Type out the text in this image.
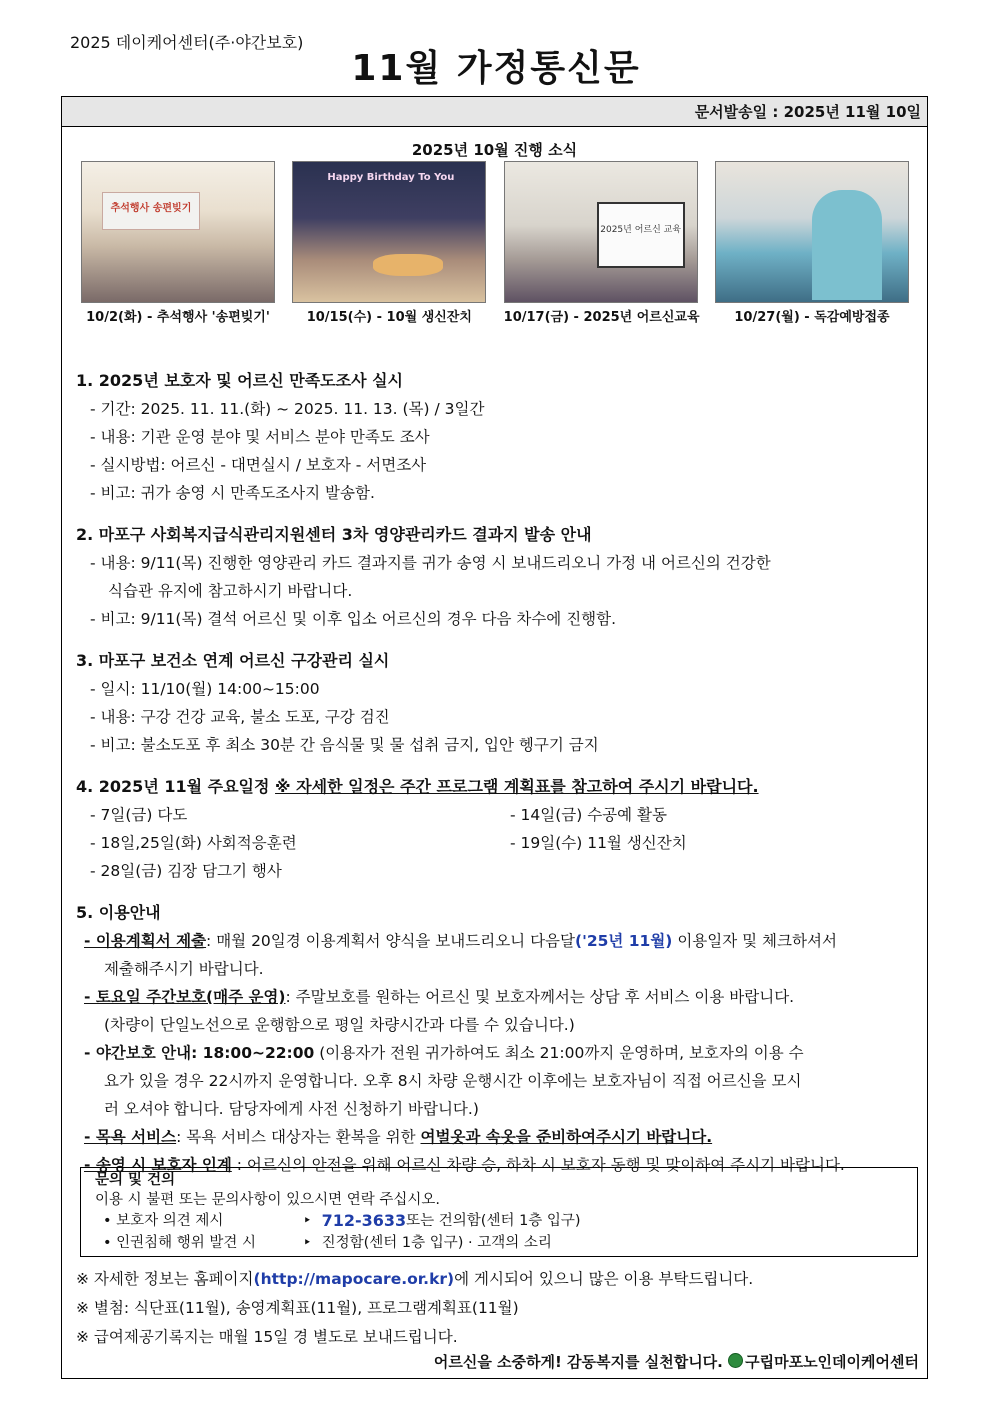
2025 데이케어센터(주·야간보호)
11월 가정통신문
문서발송일 : 2025년 11월 10일
2025년 10월 진행 소식
추석행사 송편빚기
10/2(화) - 추석행사 '송편빚기'
Happy Birthday To You
10/15(수) - 10월 생신잔치
2025년 어르신 교육
10/17(금) - 2025년 어르신교육	10/27(월) - 독감예방접종
1. 2025년 보호자 및 어르신 만족도조사 실시
- 기간: 2025. 11. 11.(화) ~ 2025. 11. 13. (목) / 3일간
- 내용: 기관 운영 분야 및 서비스 분야 만족도 조사
- 실시방법: 어르신 - 대면실시 / 보호자 - 서면조사
- 비고: 귀가 송영 시 만족도조사지 발송함.
2. 마포구 사회복지급식관리지원센터 3차 영양관리카드 결과지 발송 안내
- 내용: 9/11(목) 진행한 영양관리 카드 결과지를 귀가 송영 시 보내드리오니 가정 내 어르신의 건강한
식습관 유지에 참고하시기 바랍니다.
- 비고: 9/11(목) 결석 어르신 및 이후 입소 어르신의 경우 다음 차수에 진행함.
3. 마포구 보건소 연계 어르신 구강관리 실시
- 일시: 11/10(월) 14:00~15:00
- 내용: 구강 건강 교육, 불소 도포, 구강 검진
- 비고: 불소도포 후 최소 30분 간 음식물 및 물 섭취 금지, 입안 헹구기 금지
4. 2025년 11월 주요일정 ※ 자세한 일정은 주간 프로그램 계획표를 참고하여 주시기 바랍니다.
- 7일(금) 다도
- 18일,25일(화) 사회적응훈련
- 28일(금) 김장 담그기 행사
- 14일(금) 수공예 활동
- 19일(수) 11월 생신잔치
5. 이용안내
- 이용계획서 제출: 매월 20일경 이용계획서 양식을 보내드리오니 다음달('25년 11월) 이용일자 및 체크하셔서
제출해주시기 바랍니다.
- 토요일 주간보호(매주 운영): 주말보호를 원하는 어르신 및 보호자께서는 상담 후 서비스 이용 바랍니다.
(차량이 단일노선으로 운행함으로 평일 차량시간과 다를 수 있습니다.)
- 야간보호 안내: 18:00~22:00 (이용자가 전원 귀가하여도 최소 21:00까지 운영하며, 보호자의 이용 수
요가 있을 경우 22시까지 운영합니다. 오후 8시 차량 운행시간 이후에는 보호자님이 직접 어르신을 모시
러 오셔야 합니다. 담당자에게 사전 신청하기 바랍니다.)
- 목욕 서비스: 목욕 서비스 대상자는 환복을 위한 여벌옷과 속옷을 준비하여주시기 바랍니다.
- 송영 시 보호자 인계 : 어르신의 안전을 위해 어르신 차량 승, 하차 시 보호자 동행 및 맞이하여 주시기 바랍니다.
문의 및 건의
이용 시 불편 또는 문의사항이 있으시면 연락 주십시오.
• 보호자 의견 제시	‣ 712-3633 또는 건의함(센터 1층 입구)
• 인권침해 행위 발견 시	‣ 진정함(센터 1층 입구) · 고객의 소리
※ 자세한 정보는 홈페이지(http://mapocare.or.kr)에 게시되어 있으니 많은 이용 부탁드립니다.
※ 별첨: 식단표(11월), 송영계획표(11월), 프로그램계획표(11월)
※ 급여제공기록지는 매월 15일 경 별도로 보내드립니다.
어르신을 소중하게! 감동복지를 실천합니다. 구립마포노인데이케어센터
